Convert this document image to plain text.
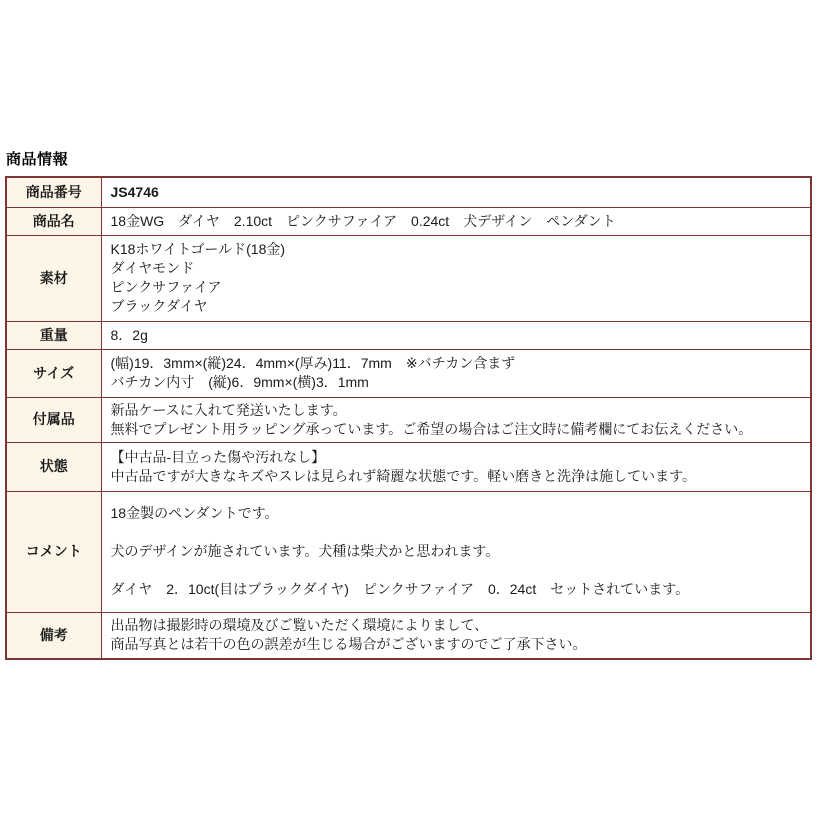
商品情報
商品番号	JS4746
商品名	18金WG　ダイヤ　2.10ct　ピンクサファイア　0.24ct　犬デザイン　ペンダント
素材	K18ホワイトゴールド(18金)
ダイヤモンド
ピンクサファイア
ブラックダイヤ
重量	8．2g
サイズ	(幅)19．3mm×(縦)24．4mm×(厚み)11．7mm　※バチカン含まず
バチカン内寸　(縦)6．9mm×(横)3．1mm
付属品	新品ケースに入れて発送いたします。
無料でプレゼント用ラッピング承っています。ご希望の場合はご注文時に備考欄にてお伝えください。
状態	【中古品-目立った傷や汚れなし】
中古品ですが大きなキズやスレは見られず綺麗な状態です。軽い磨きと洗浄は施しています。
コメント	18金製のペンダントです。

犬のデザインが施されています。犬種は柴犬かと思われます。

ダイヤ　2．10ct(目はブラックダイヤ)　ピンクサファイア　0．24ct　セットされています。
備考	出品物は撮影時の環境及びご覧いただく環境によりまして、
商品写真とは若干の色の誤差が生じる場合がございますのでご了承下さい。
